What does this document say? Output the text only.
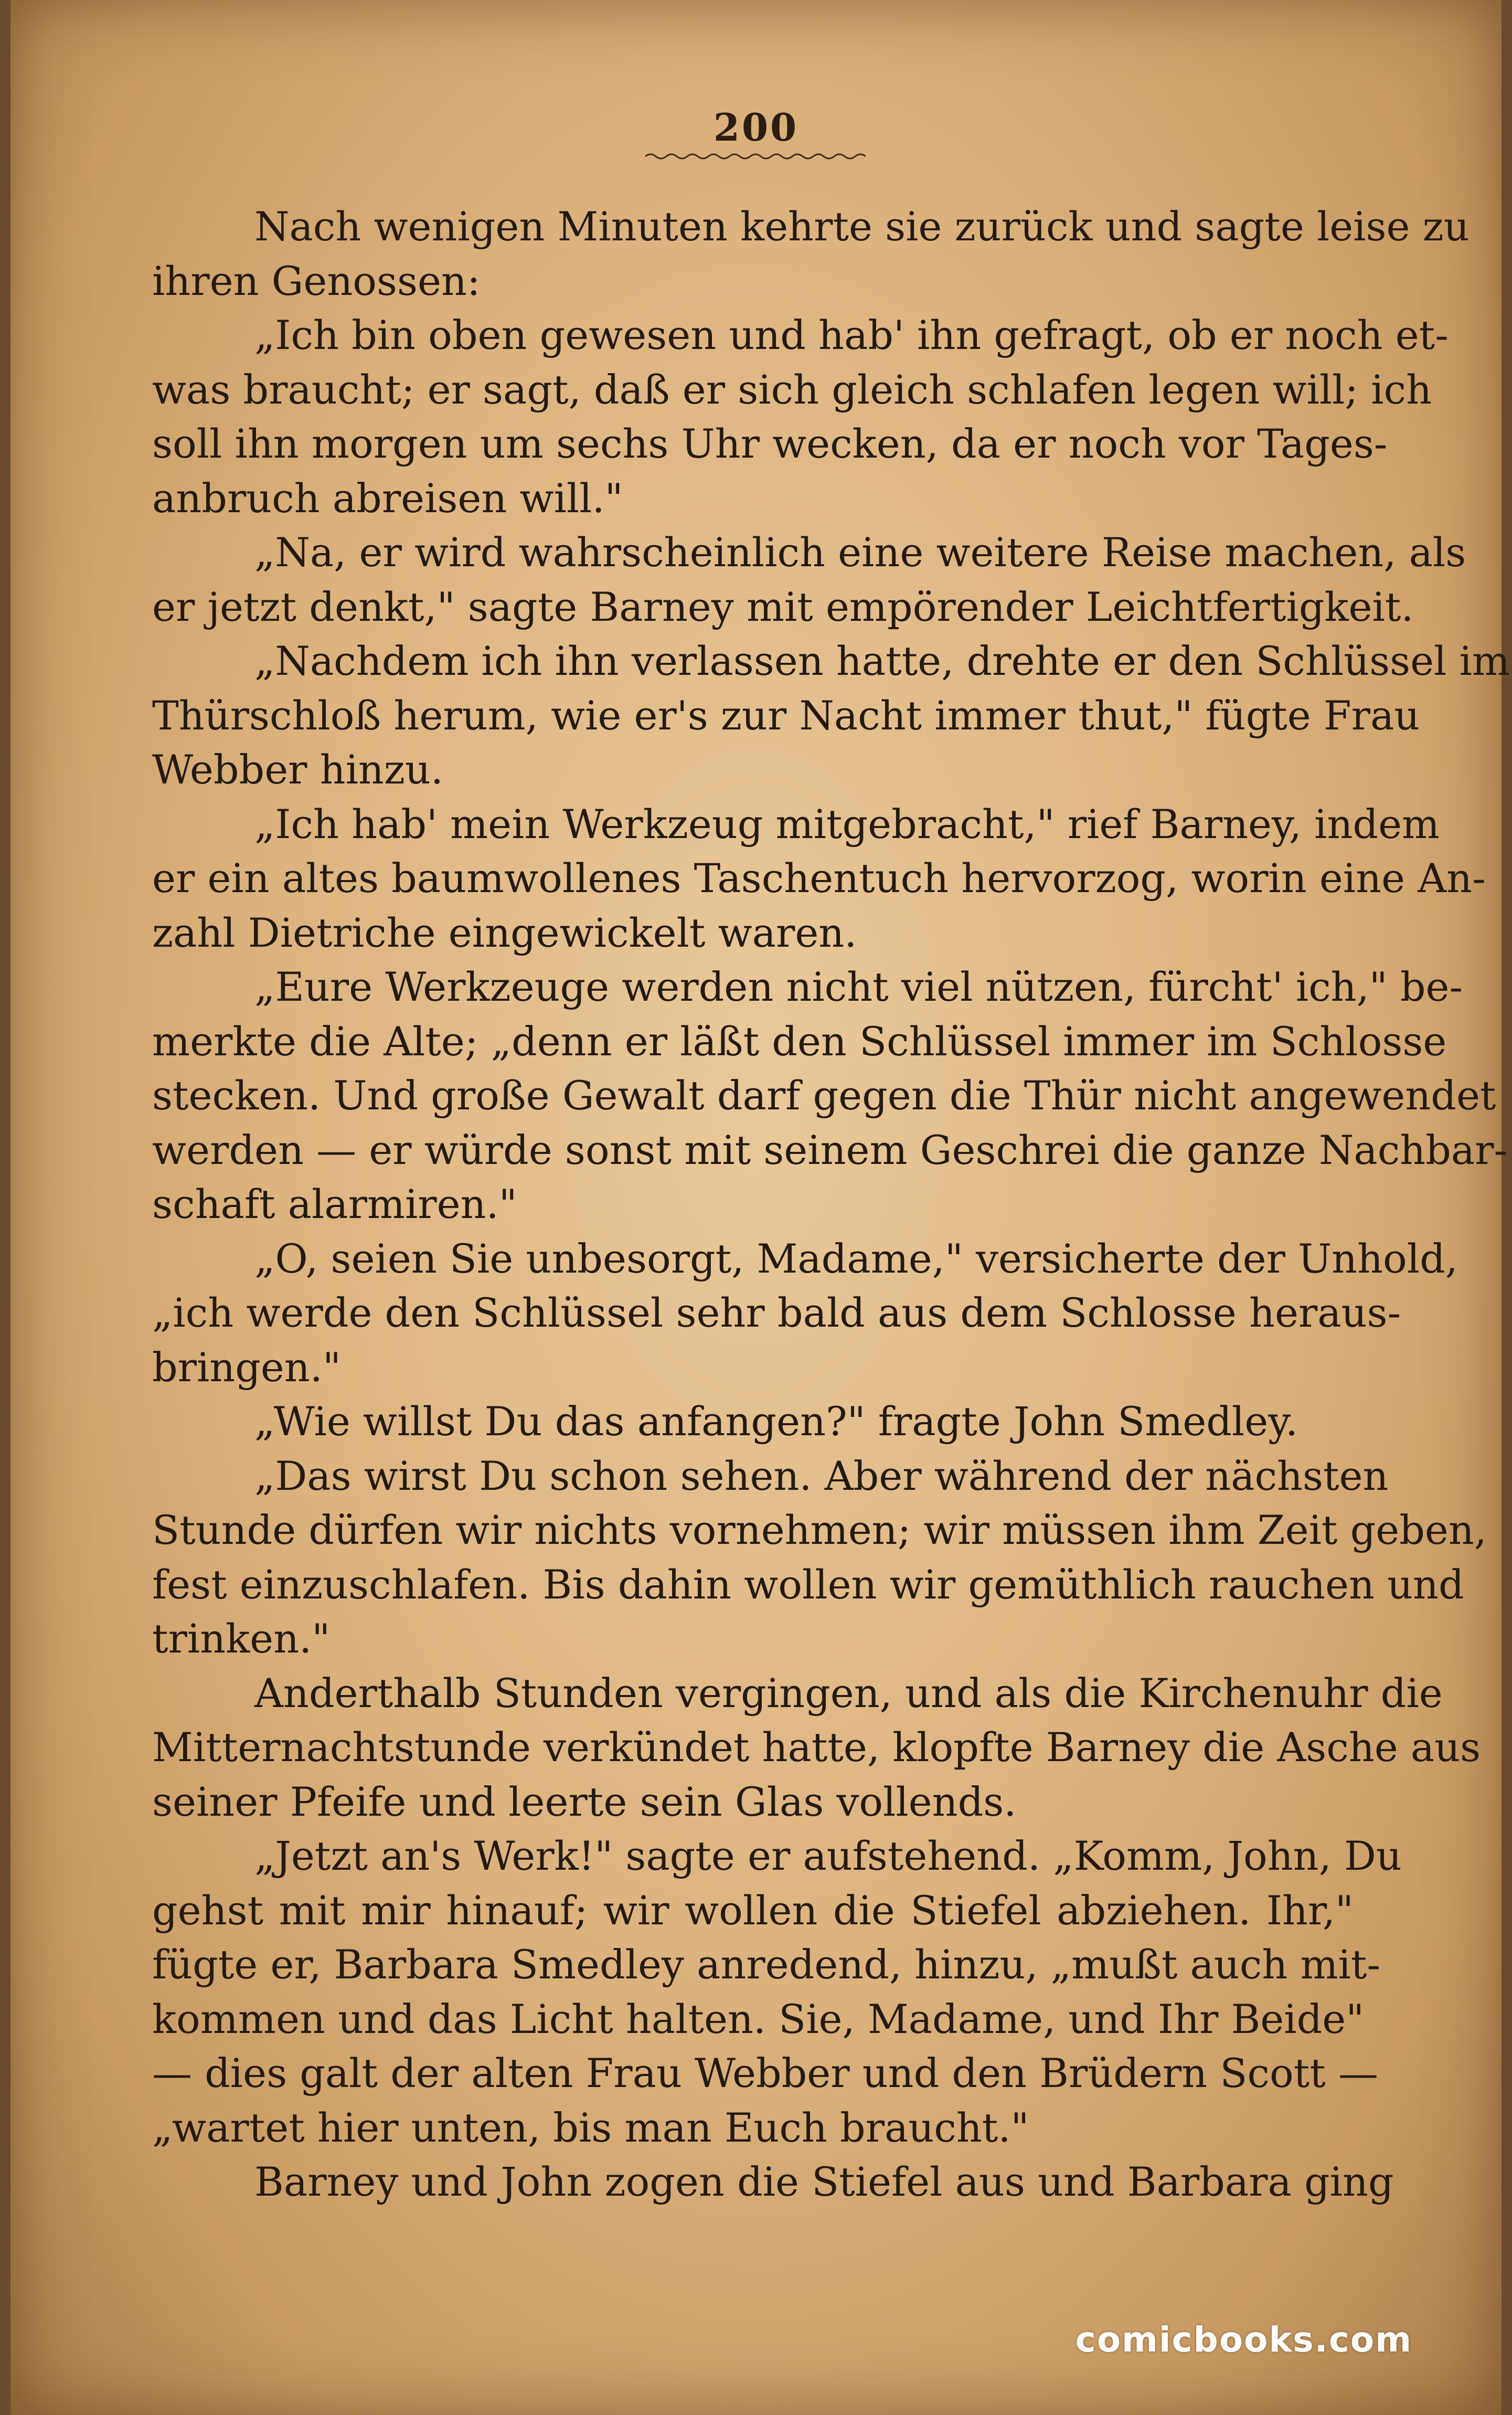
200
Nach wenigen Minuten kehrte sie zurück und sagte leise zu
ihren Genossen:
„Ich bin oben gewesen und hab' ihn gefragt, ob er noch et-
was braucht; er sagt, daß er sich gleich schlafen legen will; ich
soll ihn morgen um sechs Uhr wecken, da er noch vor Tages-
anbruch abreisen will."
„Na, er wird wahrscheinlich eine weitere Reise machen, als
er jetzt denkt," sagte Barney mit empörender Leichtfertigkeit.
„Nachdem ich ihn verlassen hatte, drehte er den Schlüssel im
Thürschloß herum, wie er's zur Nacht immer thut," fügte Frau
Webber hinzu.
„Ich hab' mein Werkzeug mitgebracht," rief Barney, indem
er ein altes baumwollenes Taschentuch hervorzog, worin eine An-
zahl Dietriche eingewickelt waren.
„Eure Werkzeuge werden nicht viel nützen, fürcht' ich," be-
merkte die Alte; „denn er läßt den Schlüssel immer im Schlosse
stecken. Und große Gewalt darf gegen die Thür nicht angewendet
werden — er würde sonst mit seinem Geschrei die ganze Nachbar-
schaft alarmiren."
„O, seien Sie unbesorgt, Madame," versicherte der Unhold,
„ich werde den Schlüssel sehr bald aus dem Schlosse heraus-
bringen."
„Wie willst Du das anfangen?" fragte John Smedley.
„Das wirst Du schon sehen. Aber während der nächsten
Stunde dürfen wir nichts vornehmen; wir müssen ihm Zeit geben,
fest einzuschlafen. Bis dahin wollen wir gemüthlich rauchen und
trinken."
Anderthalb Stunden vergingen, und als die Kirchenuhr die
Mitternachtstunde verkündet hatte, klopfte Barney die Asche aus
seiner Pfeife und leerte sein Glas vollends.
„Jetzt an's Werk!" sagte er aufstehend. „Komm, John, Du
gehst mit mir hinauf; wir wollen die Stiefel abziehen. Ihr,"
fügte er, Barbara Smedley anredend, hinzu, „mußt auch mit-
kommen und das Licht halten. Sie, Madame, und Ihr Beide"
— dies galt der alten Frau Webber und den Brüdern Scott —
„wartet hier unten, bis man Euch braucht."
Barney und John zogen die Stiefel aus und Barbara ging
comicbooks.com
